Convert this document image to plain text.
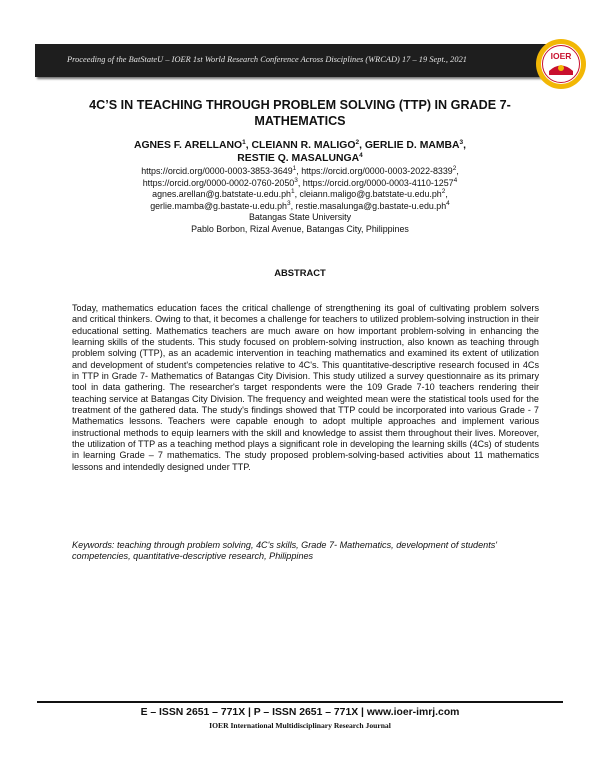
Proceeding of the BatStateU – IOER 1st World Research Conference Across Disciplines (WRCAD) 17 – 19 Sept., 2021	IOER
4C’S IN TEACHING THROUGH PROBLEM SOLVING (TTP) IN GRADE 7-
MATHEMATICS
AGNES F. ARELLANO$^1$, CLEIANN R. MALIGO$^2$, GERLIE D. MAMBA$^3$,
RESTIE Q. MASALUNGA$^4$
https://orcid.org/0000-0003-3853-3649$^1$, https://orcid.org/0000-0003-2022-8339$^2$,
https://orcid.org/0000-0002-0760-2050$^3$, https://orcid.org/0000-0003-4110-1257$^4$
$agnes.arellan@g.batstate-u.edu.ph^1$, $cleiann.maligo@g.batstate-u.edu.ph^2$,
$gerlie.mamba@g.bastate-u.edu.ph^3$, $restie.masalunga@g.bastate-u.edu.ph^4$
Batangas State University
Pablo Borbon, Rizal Avenue, Batangas City, Philippines
ABSTRACT
Today, mathematics education faces the critical challenge of strengthening its goal of cultivating problem solvers and critical thinkers. Owing to that, it becomes a challenge for teachers to utilized problem-solving instruction in their educational setting. Mathematics teachers are much aware on how important problem-solving in enhancing the learning skills of the students. This study focused on problem-solving instruction, also known as teaching through problem solving (TTP), as an academic intervention in teaching mathematics and examined its extent of utilization and development of student's competencies relative to 4C's. This quantitative-descriptive research focused in 4Cs in TTP in Grade 7- Mathematics of Batangas City Division. This study utilized a survey questionnaire as its primary tool in data gathering. The researcher's target respondents were the 109 Grade 7-10 teachers rendering their teaching service at Batangas City Division. The frequency and weighted mean were the statistical tools used for the treatment of the gathered data. The study's findings showed that TTP could be incorporated into various Grade - 7 Mathematics lessons. Teachers were capable enough to adopt multiple approaches and implement various instructional methods to equip learners with the skill and knowledge to assist them throughout their lives. Moreover, the utilization of TTP as a teaching method plays a significant role in developing the learning skills (4Cs) of students in learning Grade – 7 mathematics. The study proposed problem-solving-based activities about 11 mathematics lessons and intendedly designed under TTP.
Keywords: teaching through problem solving, 4C's skills, Grade 7- Mathematics, development of students' competencies, quantitative-descriptive research, Philippines
E – ISSN 2651 – 771X | P – ISSN 2651 – 771X | www.ioer-imrj.com
IOER International Multidisciplinary Research Journal
